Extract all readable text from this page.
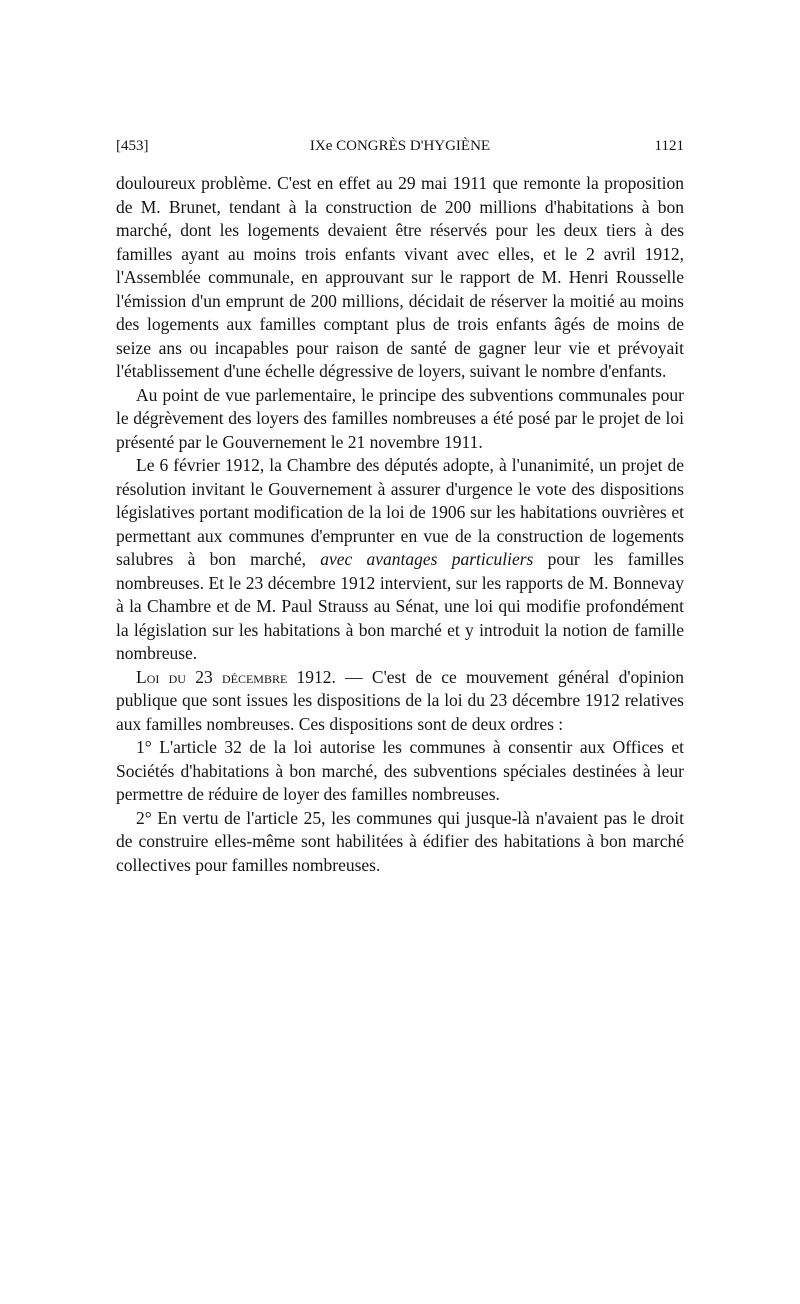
[453]	IXe CONGRÈS D'HYGIÈNE	1121

douloureux problème. C'est en effet au 29 mai 1911 que remonte la proposition de M. Brunet, tendant à la construction de 200 millions d'habitations à bon marché, dont les logements devaient être réservés pour les deux tiers à des familles ayant au moins trois enfants vivant avec elles, et le 2 avril 1912, l'Assemblée communale, en approuvant sur le rapport de M. Henri Rousselle l'émission d'un emprunt de 200 millions, décidait de réserver la moitié au moins des logements aux familles comptant plus de trois enfants âgés de moins de seize ans ou incapables pour raison de santé de gagner leur vie et prévoyait l'établissement d'une échelle dégressive de loyers, suivant le nombre d'enfants.

Au point de vue parlementaire, le principe des subventions communales pour le dégrèvement des loyers des familles nombreuses a été posé par le projet de loi présenté par le Gouvernement le 21 novembre 1911.

Le 6 février 1912, la Chambre des députés adopte, à l'unanimité, un projet de résolution invitant le Gouvernement à assurer d'urgence le vote des dispositions législatives portant modification de la loi de 1906 sur les habitations ouvrières et permettant aux communes d'emprunter en vue de la construction de logements salubres à bon marché, avec avantages particuliers pour les familles nombreuses. Et le 23 décembre 1912 intervient, sur les rapports de M. Bonnevay à la Chambre et de M. Paul Strauss au Sénat, une loi qui modifie profondément la législation sur les habitations à bon marché et y introduit la notion de famille nombreuse.

Loi du 23 décembre 1912. — C'est de ce mouvement général d'opinion publique que sont issues les dispositions de la loi du 23 décembre 1912 relatives aux familles nombreuses. Ces dispositions sont de deux ordres :

1° L'article 32 de la loi autorise les communes à consentir aux Offices et Sociétés d'habitations à bon marché, des subventions spéciales destinées à leur permettre de réduire de loyer des familles nombreuses.

2° En vertu de l'article 25, les communes qui jusque-là n'avaient pas le droit de construire elles-même sont habilitées à édifier des habitations à bon marché collectives pour familles nombreuses.
